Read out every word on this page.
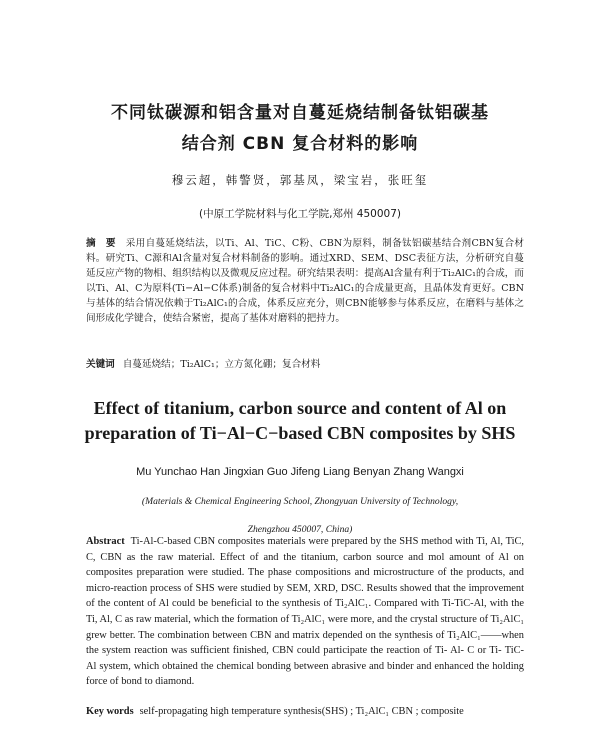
不同钛碳源和铝含量对自蔓延烧结制备钛铝碳基
结合剂 CBN 复合材料的影响
穆云超，韩警贤，郭基凤，梁宝岩，张旺玺
(中原工学院材料与化工学院,郑州 450007)
摘　要 采用自蔓延烧结法，以Ti、Al、TiC、C粉、CBN为原料，制备钛铝碳基结合剂CBN复合材料。研究Ti、C源和Al含量对复合材料制备的影响。通过XRD、SEM、DSC表征方法，分析研究自蔓延反应产物的物相、组织结构以及微观反应过程。研究结果表明：提高Al含量有利于Ti₂AlC₁的合成，而以Ti、Al、C为原料(Ti−Al−C体系)制备的复合材料中Ti₂AlC₁的合成量更高，且晶体发育更好。CBN与基体的结合情况依赖于Ti₂AlC₁的合成，体系反应充分，则CBN能够参与体系反应，在磨料与基体之间形成化学键合，使结合紧密，提高了基体对磨料的把持力。
关键词 自蔓延烧结；Ti₂AlC₁；立方氮化硼；复合材料
Effect of titanium, carbon source and content of Al on
preparation of Ti−Al−C−based CBN composites by SHS
Mu Yunchao Han Jingxian Guo Jifeng Liang Benyan Zhang Wangxi
(Materials & Chemical Engineering School, Zhongyuan University of Technology,
Zhengzhou 450007, China)
Abstract Ti-Al-C-based CBN composites materials were prepared by the SHS method with Ti, Al, TiC, C, CBN as the raw material. Effect of and the titanium, carbon source and mol amount of Al on composites preparation were studied. The phase compositions and microstructure of the products, and micro-reaction process of SHS were studied by SEM, XRD, DSC. Results showed that the improvement of the content of Al could be beneficial to the synthesis of Ti₂AlC₁. Compared with Ti-TiC-Al, with the Ti, Al, C as raw material, which the formation of Ti₂AlC₁ were more, and the crystal structure of Ti₂AlC₁ grew better. The combination between CBN and matrix depended on the synthesis of Ti₂AlC₁——when the system reaction was sufficient finished, CBN could participate the reaction of Ti- Al- C or Ti- TiC- Al system, which obtained the chemical bonding between abrasive and binder and enhanced the holding force of bond to diamond.
Key words self-propagating high temperature synthesis(SHS) ; Ti₂AlC₁ CBN ; composite
